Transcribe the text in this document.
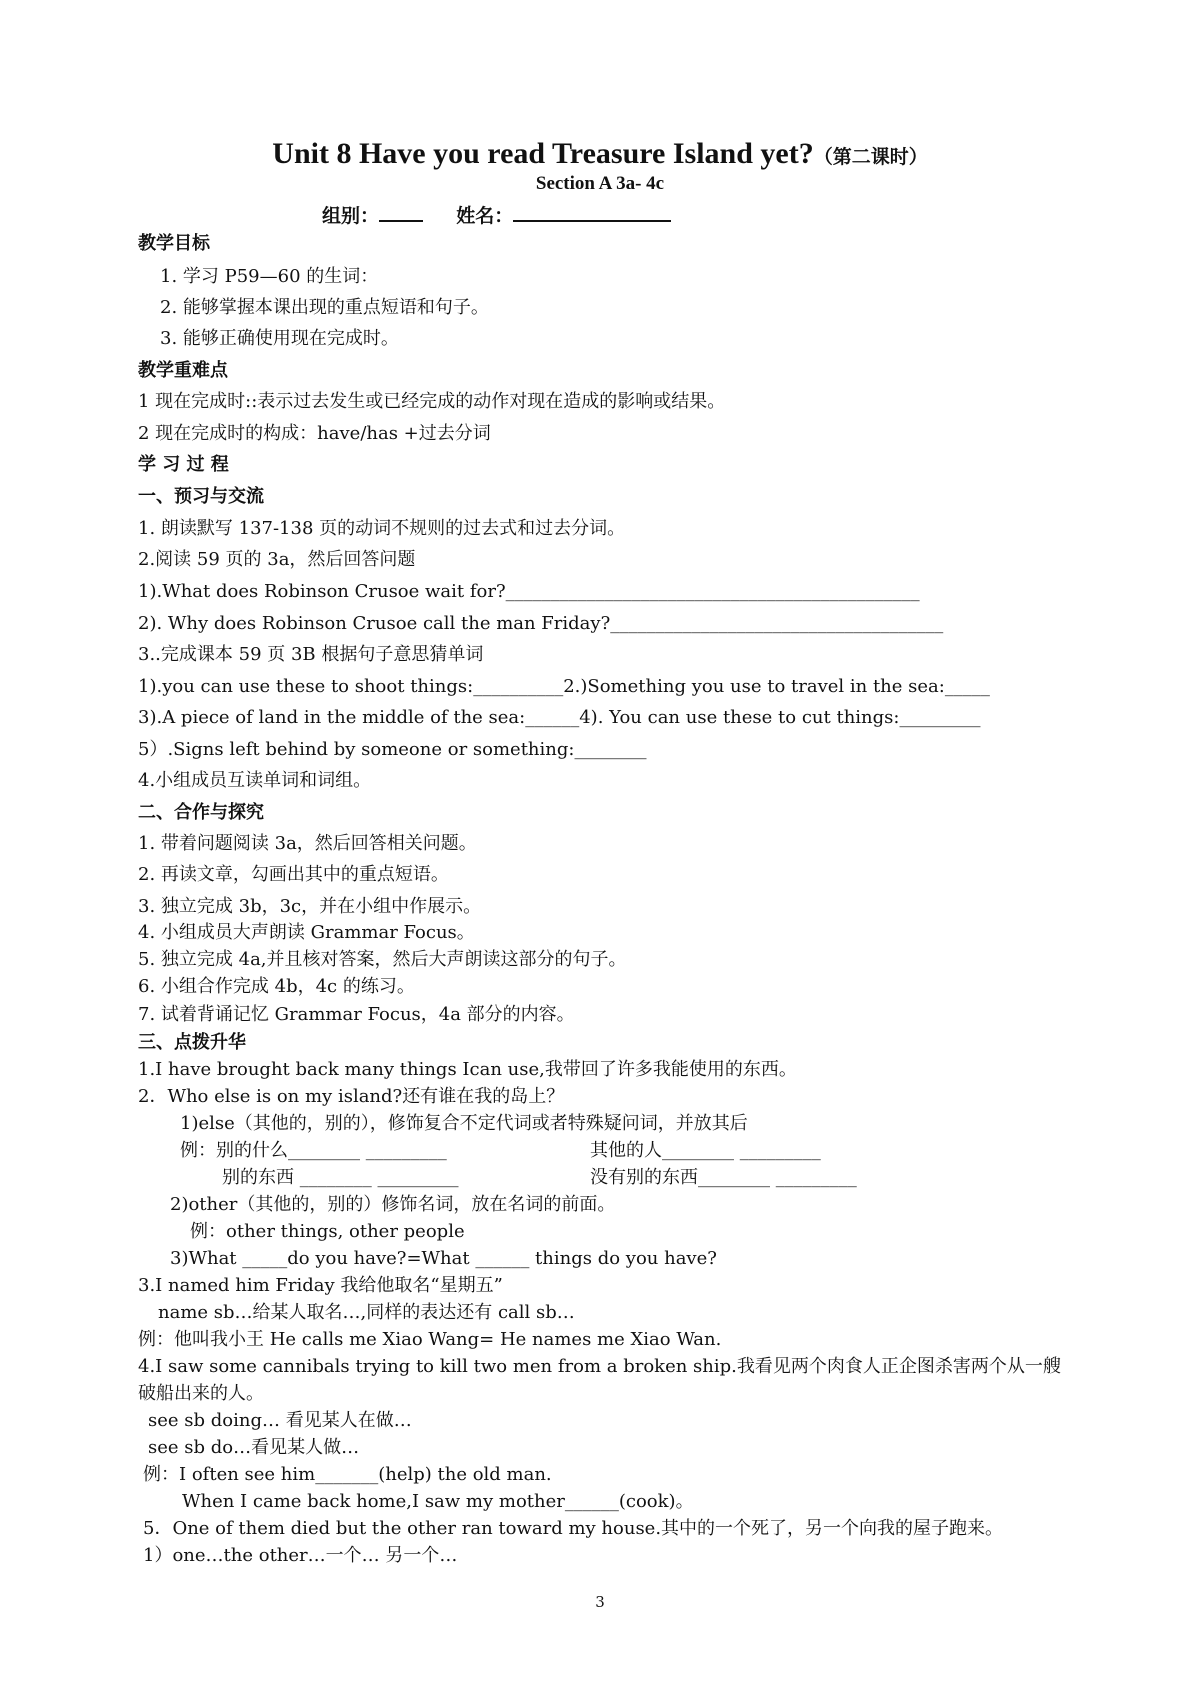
Unit 8 Have you read Treasure Island yet?（第二课时）
Section A 3a- 4c
组别：	姓名：
教学目标
1. 学习 P59—60 的生词：
2. 能够掌握本课出现的重点短语和句子。
3. 能够正确使用现在完成时。
教学重难点
1 现在完成时::表示过去发生或已经完成的动作对现在造成的影响或结果。
2 现在完成时的构成：have/has +过去分词
学 习 过 程
一、预习与交流
1. 朗读默写 137-138 页的动词不规则的过去式和过去分词。
2.阅读 59 页的 3a，然后回答问题
1).What does Robinson Crusoe wait for?______________________________________________
2). Why does Robinson Crusoe call the man Friday?_____________________________________
3..完成课本 59 页 3B 根据句子意思猜单词
1).you can use these to shoot things:__________2.)Something you use to travel in the sea:_____
3).A piece of land in the middle of the sea:______4). You can use these to cut things:_________
5）.Signs left behind by someone or something:________
4.小组成员互读单词和词组。
二、合作与探究
1. 带着问题阅读 3a，然后回答相关问题。
2. 再读文章，勾画出其中的重点短语。
3. 独立完成 3b，3c，并在小组中作展示。
4. 小组成员大声朗读 Grammar Focus。
5. 独立完成 4a,并且核对答案，然后大声朗读这部分的句子。
6. 小组合作完成 4b，4c 的练习。
7. 试着背诵记忆 Grammar Focus，4a 部分的内容。
三、点拨升华
1.I have brought back many things Ican use,我带回了许多我能使用的东西。
2．Who else is on my island?还有谁在我的岛上？
1)else（其他的，别的），修饰复合不定代词或者特殊疑问词，并放其后
例：别的什么________ _________	其他的人________ _________
别的东西 ________ _________	没有别的东西________ _________
2)other（其他的，别的）修饰名词，放在名词的前面。
例：other things, other people
3)What _____do you have?=What ______ things do you have?
3.I named him Friday 我给他取名“星期五”
name sb…给某人取名…,同样的表达还有 call sb…
例：他叫我小王 He calls me Xiao Wang= He names me Xiao Wan.
4.I saw some cannibals trying to kill two men from a broken ship.我看见两个肉食人正企图杀害两个从一艘
破船出来的人。
see sb doing… 看见某人在做…
see sb do…看见某人做…
例：I often see him_______(help) the old man.
When I came back home,I saw my mother______(cook)。
5．One of them died but the other ran toward my house.其中的一个死了，另一个向我的屋子跑来。
1）one…the other…一个… 另一个…
3
